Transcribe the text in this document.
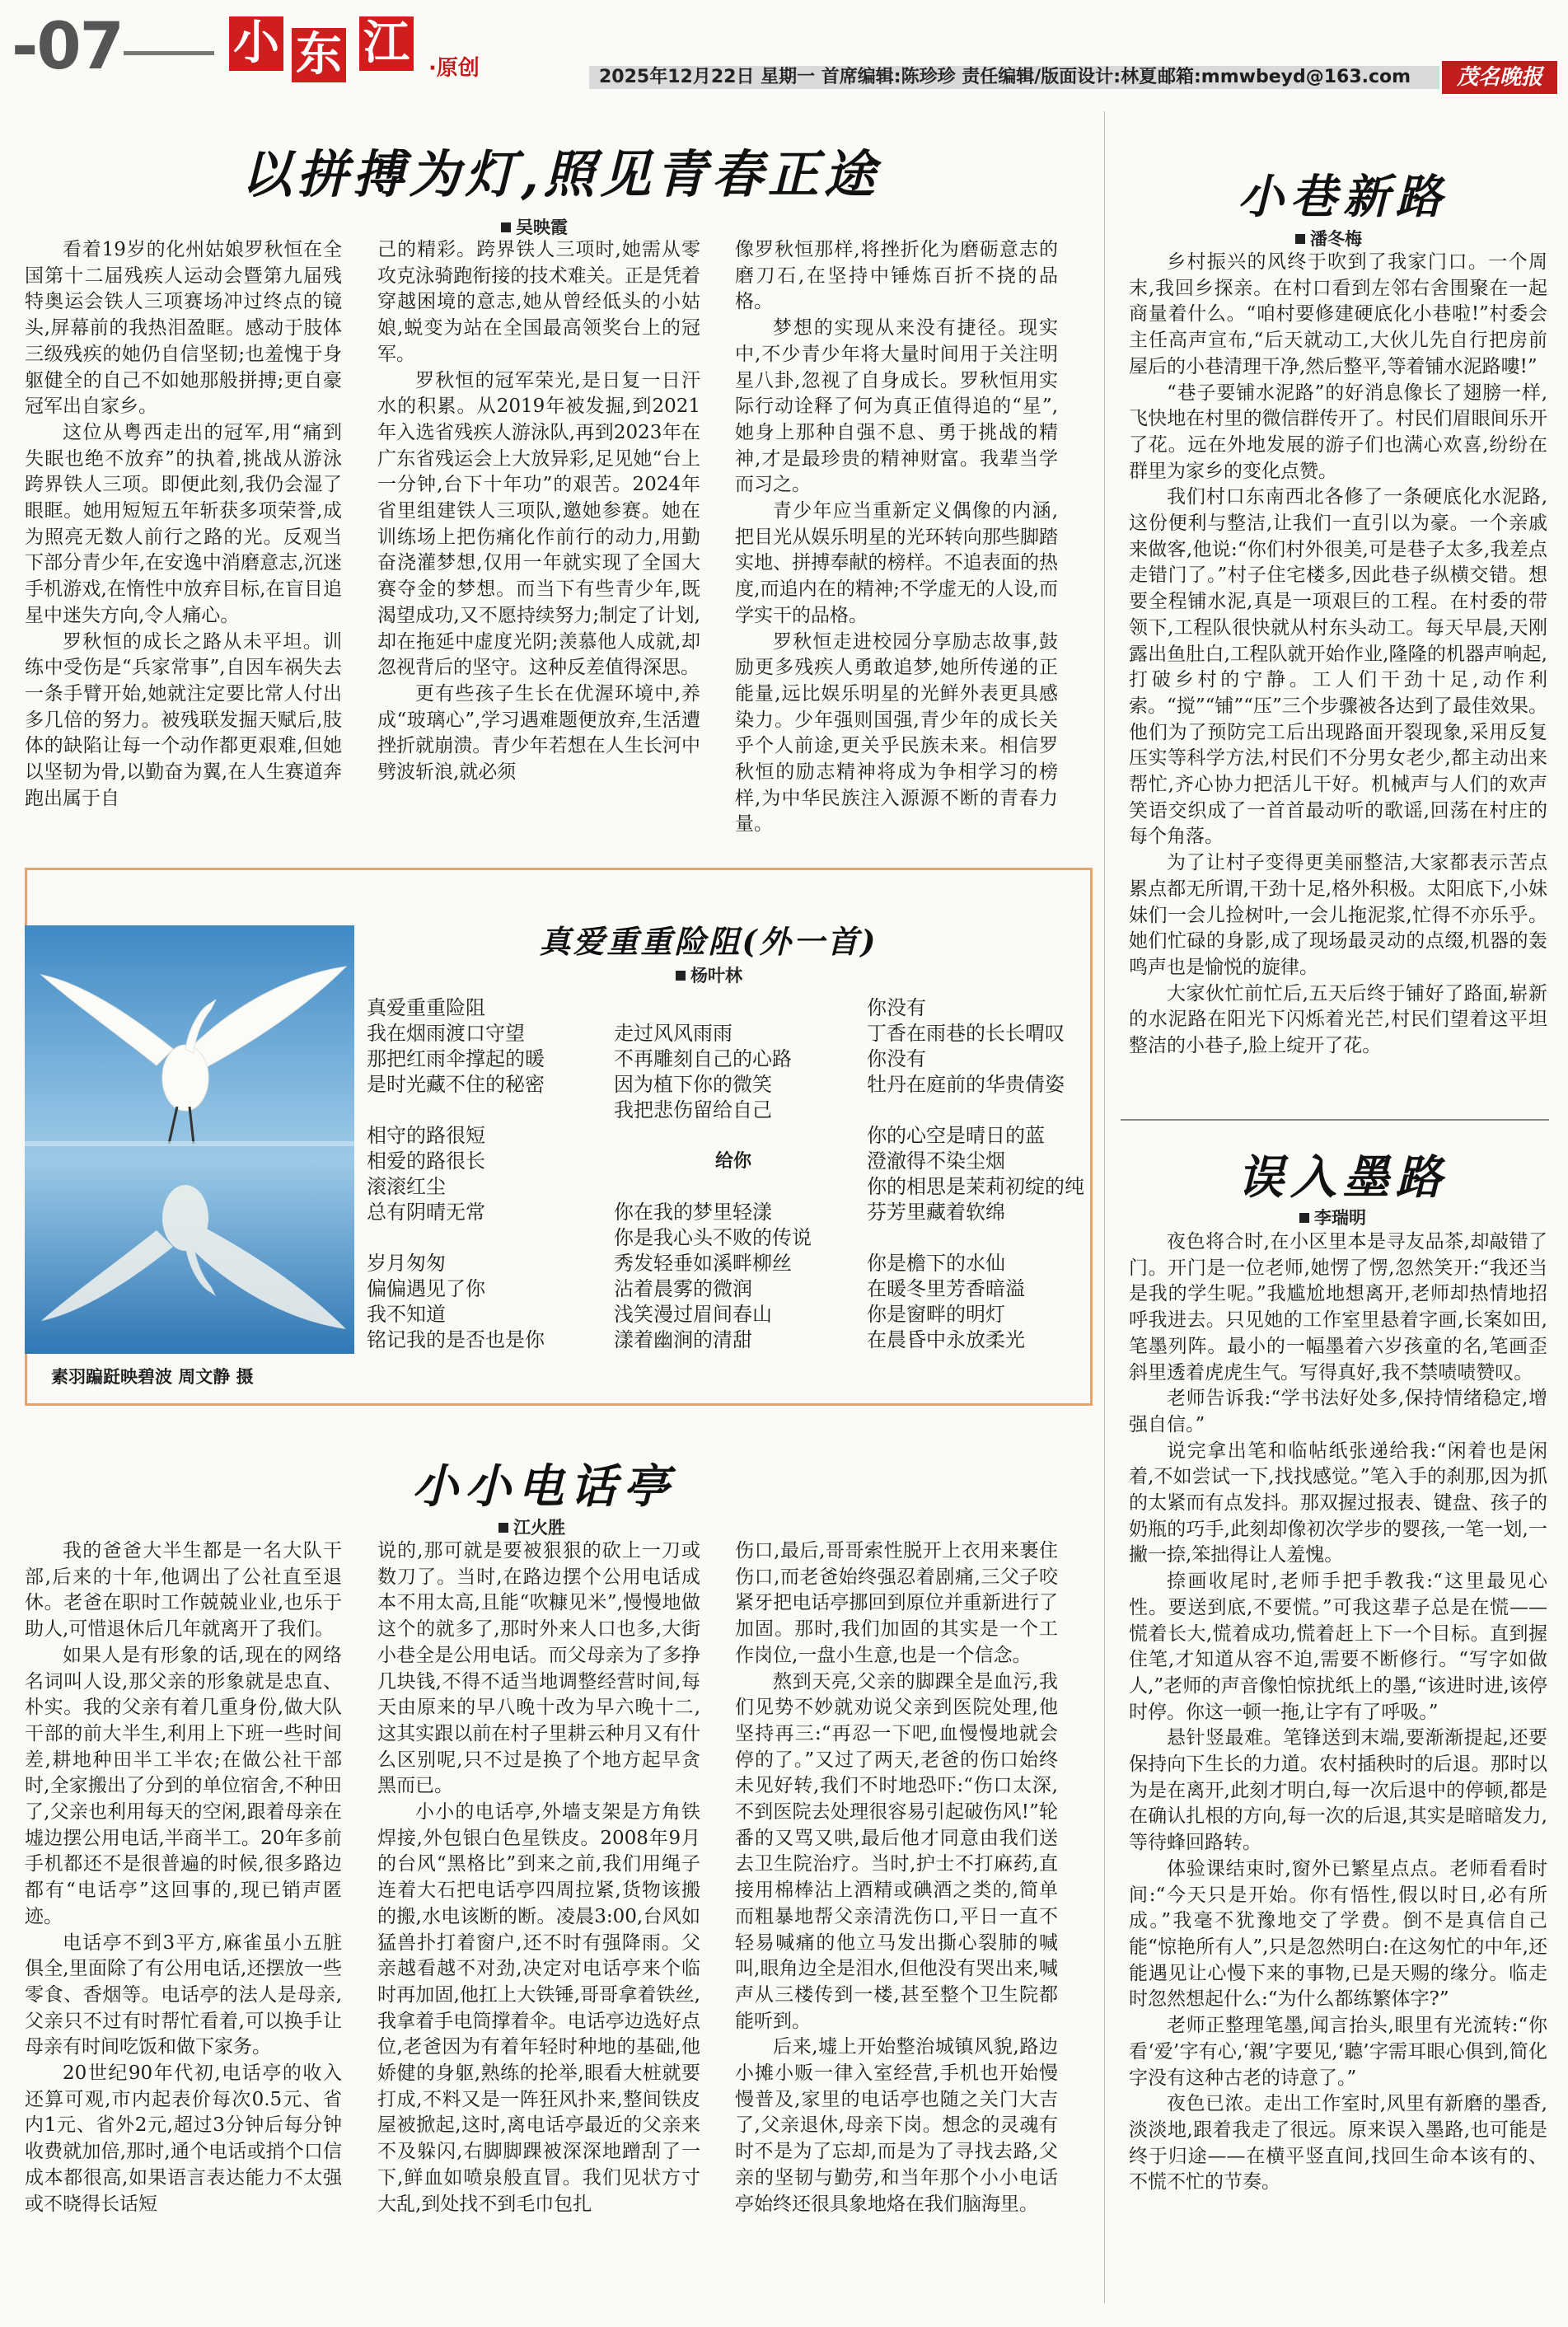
-07 小 东 江 ·原创	2025年12月22日 星期一 首席编辑:陈珍珍 责任编辑/版面设计:林夏 邮箱:mmwbeyd@163.com	茂名晚报
以拼搏为灯,照见青春正途
吴映霞

看着19岁的化州姑娘罗秋恒在全国第十二届残疾人运动会暨第九届残特奥运会铁人三项赛场冲过终点的镜头,屏幕前的我热泪盈眶。感动于肢体三级残疾的她仍自信坚韧;也羞愧于身躯健全的自己不如她那般拼搏;更自豪冠军出自家乡。

这位从粤西走出的冠军,用“痛到失眠也绝不放弃”的执着,挑战从游泳跨界铁人三项。即便此刻,我仍会湿了眼眶。她用短短五年斩获多项荣誉,成为照亮无数人前行之路的光。反观当下部分青少年,在安逸中消磨意志,沉迷手机游戏,在惰性中放弃目标,在盲目追星中迷失方向,令人痛心。

罗秋恒的成长之路从未平坦。训练中受伤是“兵家常事”,自因车祸失去一条手臂开始,她就注定要比常人付出多几倍的努力。被残联发掘天赋后,肢体的缺陷让每一个动作都更艰难,但她以坚韧为骨,以勤奋为翼,在人生赛道奔跑出属于自

己的精彩。跨界铁人三项时,她需从零攻克泳骑跑衔接的技术难关。正是凭着穿越困境的意志,她从曾经低头的小姑娘,蜕变为站在全国最高领奖台上的冠军。

罗秋恒的冠军荣光,是日复一日汗水的积累。从2019年被发掘,到2021年入选省残疾人游泳队,再到2023年在广东省残运会上大放异彩,足见她“台上一分钟,台下十年功”的艰苦。2024年省里组建铁人三项队,邀她参赛。她在训练场上把伤痛化作前行的动力,用勤奋浇灌梦想,仅用一年就实现了全国大赛夺金的梦想。而当下有些青少年,既渴望成功,又不愿持续努力;制定了计划,却在拖延中虚度光阴;羡慕他人成就,却忽视背后的坚守。这种反差值得深思。

更有些孩子生长在优渥环境中,养成“玻璃心”,学习遇难题便放弃,生活遭挫折就崩溃。青少年若想在人生长河中劈波斩浪,就必须

像罗秋恒那样,将挫折化为磨砺意志的磨刀石,在坚持中锤炼百折不挠的品格。

梦想的实现从来没有捷径。现实中,不少青少年将大量时间用于关注明星八卦,忽视了自身成长。罗秋恒用实际行动诠释了何为真正值得追的“星”,她身上那种自强不息、勇于挑战的精神,才是最珍贵的精神财富。我辈当学而习之。

青少年应当重新定义偶像的内涵,把目光从娱乐明星的光环转向那些脚踏实地、拼搏奉献的榜样。不追表面的热度,而追内在的精神;不学虚无的人设,而学实干的品格。

罗秋恒走进校园分享励志故事,鼓励更多残疾人勇敢追梦,她所传递的正能量,远比娱乐明星的光鲜外表更具感染力。少年强则国强,青少年的成长关乎个人前途,更关乎民族未来。相信罗秋恒的励志精神将成为争相学习的榜样,为中华民族注入源源不断的青春力量。

小巷新路
潘冬梅

乡村振兴的风终于吹到了我家门口。一个周末,我回乡探亲。在村口看到左邻右舍围聚在一起商量着什么。“咱村要修建硬底化小巷啦!”村委会主任高声宣布,“后天就动工,大伙儿先自行把房前屋后的小巷清理干净,然后整平,等着铺水泥路嘍!”

“巷子要铺水泥路”的好消息像长了翅膀一样,飞快地在村里的微信群传开了。村民们眉眼间乐开了花。远在外地发展的游子们也满心欢喜,纷纷在群里为家乡的变化点赞。

我们村口东南西北各修了一条硬底化水泥路,这份便利与整洁,让我们一直引以为豪。一个亲戚来做客,他说:“你们村外很美,可是巷子太多,我差点走错门了。”村子住宅楼多,因此巷子纵横交错。想要全程铺水泥,真是一项艰巨的工程。在村委的带领下,工程队很快就从村东头动工。每天早晨,天刚露出鱼肚白,工程队就开始作业,隆隆的机器声响起,打破乡村的宁静。工人们干劲十足,动作利索。“搅”“铺”“压”三个步骤被各达到了最佳效果。他们为了预防完工后出现路面开裂现象,采用反复压实等科学方法,村民们不分男女老少,都主动出来帮忙,齐心协力把活儿干好。机械声与人们的欢声笑语交织成了一首首最动听的歌谣,回荡在村庄的每个角落。

为了让村子变得更美丽整洁,大家都表示苦点累点都无所谓,干劲十足,格外积极。太阳底下,小妹妹们一会儿捡树叶,一会儿拖泥浆,忙得不亦乐乎。她们忙碌的身影,成了现场最灵动的点缀,机器的轰鸣声也是愉悦的旋律。

大家伙忙前忙后,五天后终于铺好了路面,崭新的水泥路在阳光下闪烁着光芒,村民们望着这平坦整洁的小巷子,脸上绽开了花。

误入墨路
李瑞明

夜色将合时,在小区里本是寻友品茶,却敲错了门。开门是一位老师,她愣了愣,忽然笑开:“我还当是我的学生呢。”我尴尬地想离开,老师却热情地招呼我进去。只见她的工作室里悬着字画,长案如田,笔墨列阵。最小的一幅墨着六岁孩童的名,笔画歪斜里透着虎虎生气。写得真好,我不禁啧啧赞叹。

老师告诉我:“学书法好处多,保持情绪稳定,增强自信。”

说完拿出笔和临帖纸张递给我:“闲着也是闲着,不如尝试一下,找找感觉。”笔入手的刹那,因为抓的太紧而有点发抖。那双握过报表、键盘、孩子的奶瓶的巧手,此刻却像初次学步的婴孩,一笔一划,一撇一捺,笨拙得让人羞愧。

捺画收尾时,老师手把手教我:“这里最见心性。要送到底,不要慌。”可我这辈子总是在慌——慌着长大,慌着成功,慌着赶上下一个目标。直到握住笔,才知道从容不迫,需要不断修行。“写字如做人,”老师的声音像怕惊扰纸上的墨,“该进时进,该停时停。你这一顿一拖,让字有了呼吸。”

悬针竖最难。笔锋送到末端,要渐渐提起,还要保持向下生长的力道。农村插秧时的后退。那时以为是在离开,此刻才明白,每一次后退中的停顿,都是在确认扎根的方向,每一次的后退,其实是暗暗发力,等待蜂回路转。

体验课结束时,窗外已繁星点点。老师看看时间:“今天只是开始。你有悟性,假以时日,必有所成。”我毫不犹豫地交了学费。倒不是真信自己能“惊艳所有人”,只是忽然明白:在这匆忙的中年,还能遇见让心慢下来的事物,已是天赐的缘分。临走时忽然想起什么:“为什么都练繁体字?”

老师正整理笔墨,闻言抬头,眼里有光流转:“你看‘爱’字有心,‘親’字要见,‘聽’字需耳眼心俱到,简化字没有这种古老的诗意了。”

夜色已浓。走出工作室时,风里有新磨的墨香,淡淡地,跟着我走了很远。原来误入墨路,也可能是终于归途——在横平竖直间,找回生命本该有的、不慌不忙的节奏。

素羽蹁跹映碧波 周文静 摄
真爱重重险阻(外一首)
杨叶林
真爱重重险阻
我在烟雨渡口守望
那把红雨伞撑起的暖
是时光藏不住的秘密
相守的路很短
相爱的路很长
滚滚红尘
总有阴晴无常
岁月匆匆
偏偏遇见了你
我不知道
铭记我的是否也是你
走过风风雨雨
不再雕刻自己的心路
因为植下你的微笑
我把悲伤留给自己
给你
你在我的梦里轻漾
你是我心头不败的传说
秀发轻垂如溪畔柳丝
沾着晨雾的微润
浅笑漫过眉间春山
漾着幽涧的清甜
你没有
丁香在雨巷的长长喟叹
你没有
牡丹在庭前的华贵倩姿
你的心空是晴日的蓝
澄澈得不染尘烟
你的相思是茉莉初绽的纯
芬芳里藏着软绵
你是檐下的水仙
在暖冬里芳香暗溢
你是窗畔的明灯
在晨昏中永放柔光
小小电话亭
江火胜

我的爸爸大半生都是一名大队干部,后来的十年,他调出了公社直至退休。老爸在职时工作兢兢业业,也乐于助人,可惜退休后几年就离开了我们。

如果人是有形象的话,现在的网络名词叫人设,那父亲的形象就是忠直、朴实。我的父亲有着几重身份,做大队干部的前大半生,利用上下班一些时间差,耕地种田半工半农;在做公社干部时,全家搬出了分到的单位宿舍,不种田了,父亲也利用每天的空闲,跟着母亲在墟边摆公用电话,半商半工。20年多前手机都还不是很普遍的时候,很多路边都有“电话亭”这回事的,现已销声匿迹。

电话亭不到3平方,麻雀虽小五脏俱全,里面除了有公用电话,还摆放一些零食、香烟等。电话亭的法人是母亲,父亲只不过有时帮忙看着,可以换手让母亲有时间吃饭和做下家务。

20世纪90年代初,电话亭的收入还算可观,市内起表价每次0.5元、省内1元、省外2元,超过3分钟后每分钟收费就加倍,那时,通个电话或捎个口信成本都很高,如果语言表达能力不太强或不晓得长话短

说的,那可就是要被狠狠的砍上一刀或数刀了。当时,在路边摆个公用电话成本不用太高,且能“吹糠见米”,慢慢地做这个的就多了,那时外来人口也多,大街小巷全是公用电话。而父母亲为了多挣几块钱,不得不适当地调整经营时间,每天由原来的早八晚十改为早六晚十二,这其实跟以前在村子里耕云种月又有什么区别呢,只不过是换了个地方起早贪黑而已。

小小的电话亭,外墙支架是方角铁焊接,外包银白色星铁皮。2008年9月的台风“黑格比”到来之前,我们用绳子连着大石把电话亭四周拉紧,货物该搬的搬,水电该断的断。凌晨3:00,台风如猛兽扑打着窗户,还不时有强降雨。父亲越看越不对劲,决定对电话亭来个临时再加固,他扛上大铁锤,哥哥拿着铁丝,我拿着手电筒撑着伞。电话亭边选好点位,老爸因为有着年轻时种地的基础,他娇健的身躯,熟练的抡举,眼看大桩就要打成,不料又是一阵狂风扑来,整间铁皮屋被掀起,这时,离电话亭最近的父亲来不及躲闪,右脚脚踝被深深地蹭刮了一下,鲜血如喷泉般直冒。我们见状方寸大乱,到处找不到毛巾包扎

伤口,最后,哥哥索性脱开上衣用来裹住伤口,而老爸始终强忍着剧痛,三父子咬紧牙把电话亭挪回到原位并重新进行了加固。那时,我们加固的其实是一个工作岗位,一盘小生意,也是一个信念。

熬到天亮,父亲的脚踝全是血污,我们见势不妙就劝说父亲到医院处理,他坚持再三:“再忍一下吧,血慢慢地就会停的了。”又过了两天,老爸的伤口始终未见好转,我们不时地恐吓:“伤口太深,不到医院去处理很容易引起破伤风!”轮番的又骂又哄,最后他才同意由我们送去卫生院治疗。当时,护士不打麻药,直接用棉棒沾上酒精或碘酒之类的,简单而粗暴地帮父亲清洗伤口,平日一直不轻易喊痛的他立马发出撕心裂肺的喊叫,眼角边全是泪水,但他没有哭出来,喊声从三楼传到一楼,甚至整个卫生院都能听到。

后来,墟上开始整治城镇风貌,路边小摊小贩一律入室经营,手机也开始慢慢普及,家里的电话亭也随之关门大吉了,父亲退休,母亲下岗。想念的灵魂有时不是为了忘却,而是为了寻找去路,父亲的坚韧与勤劳,和当年那个小小电话亭始终还很具象地烙在我们脑海里。
